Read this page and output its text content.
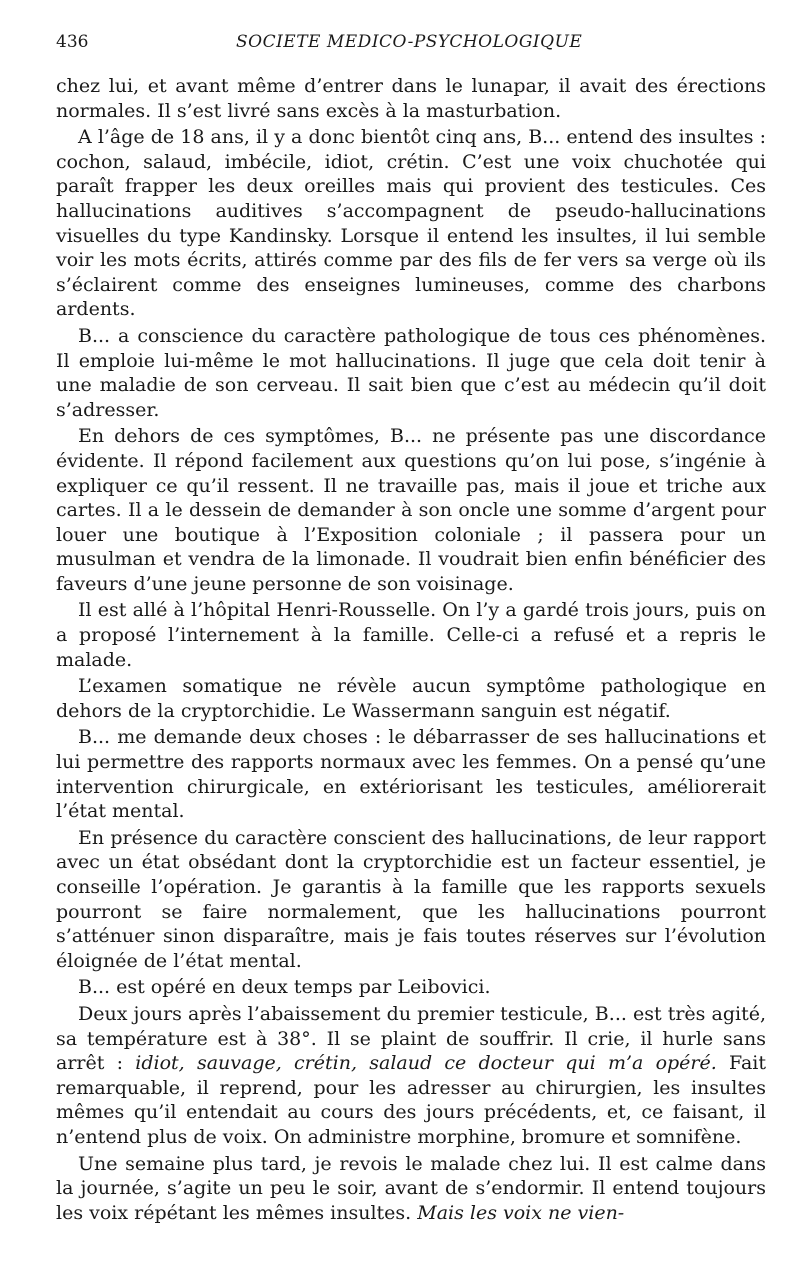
436	SOCIETE MEDICO-PSYCHOLOGIQUE

chez lui, et avant même d’entrer dans le lunapar, il avait des érections normales. Il s’est livré sans excès à la masturbation.

A l’âge de 18 ans, il y a donc bientôt cinq ans, B... entend des insultes : cochon, salaud, imbécile, idiot, crétin. C’est une voix chuchotée qui paraît frapper les deux oreilles mais qui provient des testicules. Ces hallucinations auditives s’accompagnent de pseudo-hallucinations visuelles du type Kandinsky. Lorsque il entend les insultes, il lui semble voir les mots écrits, attirés comme par des fils de fer vers sa verge où ils s’éclairent comme des enseignes lumineuses, comme des charbons ardents.

B... a conscience du caractère pathologique de tous ces phénomènes. Il emploie lui-même le mot hallucinations. Il juge que cela doit tenir à une maladie de son cerveau. Il sait bien que c’est au médecin qu’il doit s’adresser.

En dehors de ces symptômes, B... ne présente pas une discordance évidente. Il répond facilement aux questions qu’on lui pose, s’ingénie à expliquer ce qu’il ressent. Il ne travaille pas, mais il joue et triche aux cartes. Il a le dessein de demander à son oncle une somme d’argent pour louer une boutique à l’Exposition coloniale ; il passera pour un musulman et vendra de la limonade. Il voudrait bien enfin bénéficier des faveurs d’une jeune personne de son voisinage.

Il est allé à l’hôpital Henri-Rousselle. On l’y a gardé trois jours, puis on a proposé l’internement à la famille. Celle-ci a refusé et a repris le malade.

L’examen somatique ne révèle aucun symptôme pathologique en dehors de la cryptorchidie. Le Wassermann sanguin est négatif.

B... me demande deux choses : le débarrasser de ses hallucinations et lui permettre des rapports normaux avec les femmes. On a pensé qu’une intervention chirurgicale, en extériorisant les testicules, améliorerait l’état mental.

En présence du caractère conscient des hallucinations, de leur rapport avec un état obsédant dont la cryptorchidie est un facteur essentiel, je conseille l’opération. Je garantis à la famille que les rapports sexuels pourront se faire normalement, que les hallucinations pourront s’atténuer sinon disparaître, mais je fais toutes réserves sur l’évolution éloignée de l’état mental.

B... est opéré en deux temps par Leibovici.

Deux jours après l’abaissement du premier testicule, B... est très agité, sa température est à 38°. Il se plaint de souffrir. Il crie, il hurle sans arrêt : idiot, sauvage, crétin, salaud ce docteur qui m’a opéré. Fait remarquable, il reprend, pour les adresser au chirurgien, les insultes mêmes qu’il entendait au cours des jours précédents, et, ce faisant, il n’entend plus de voix. On administre morphine, bromure et somnifène.

Une semaine plus tard, je revois le malade chez lui. Il est calme dans la journée, s’agite un peu le soir, avant de s’endormir. Il entend toujours les voix répétant les mêmes insultes. Mais les voix ne vien-
